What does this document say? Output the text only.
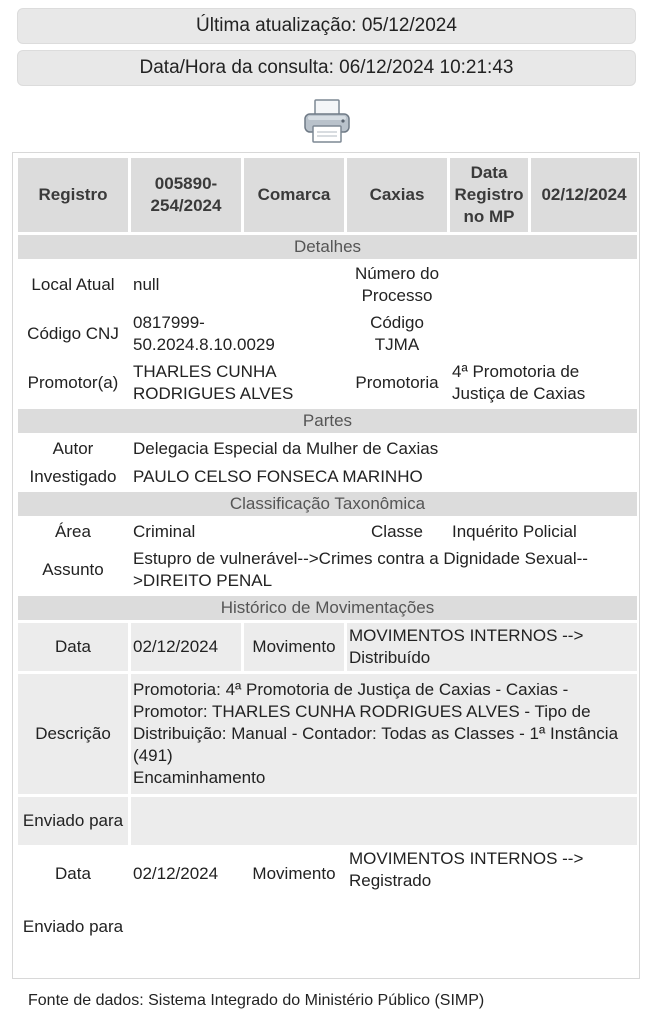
Última atualização: 05/12/2024
Data/Hora da consulta: 06/12/2024 10:21:43
Registro	005890-254/2024	Comarca	Caxias	Data Registro no MP	02/12/2024
Detalhes					
Local Atual	null		Número do Processo		
Código CNJ	0817999-50.2024.8.10.0029		Código TJMA		
Promotor(a)	THARLES CUNHA RODRIGUES ALVES		Promotoria	4ª Promotoria de Justiça de Caxias	
Partes					
Autor	Delegacia Especial da Mulher de Caxias				
Investigado	PAULO CELSO FONSECA MARINHO				
Classificação Taxonômica					
Área	Criminal		Classe	Inquérito Policial	
Assunto	Estupro de vulnerável-->Crimes contra a Dignidade Sexual-->DIREITO PENAL				
Histórico de Movimentações					
Data	02/12/2024	Movimento	MOVIMENTOS INTERNOS --> Distribuído		
Descrição	Promotoria: 4ª Promotoria de Justiça de Caxias - Caxias - Promotor: THARLES CUNHA RODRIGUES ALVES - Tipo de Distribuição: Manual - Contador: Todas as Classes - 1ª Instância (491)
Encaminhamento				

Enviado para					
Data	02/12/2024	Movimento	MOVIMENTOS INTERNOS --> Registrado		
Enviado para					
Fonte de dados: Sistema Integrado do Ministério Público (SIMP)
